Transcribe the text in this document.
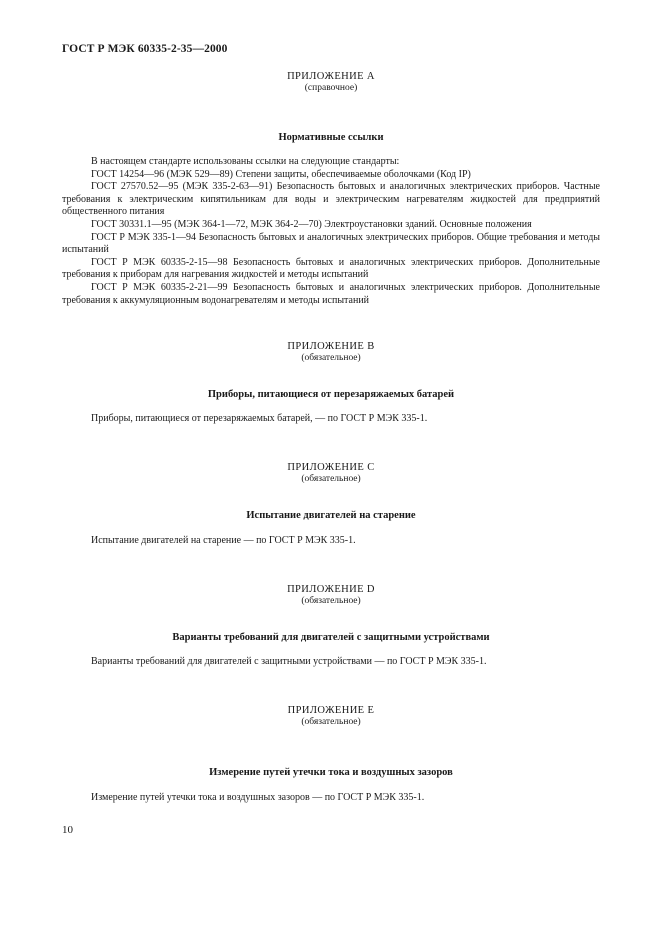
ГОСТ Р МЭК 60335-2-35—2000
ПРИЛОЖЕНИЕ А
(справочное)
Нормативные ссылки

В настоящем стандарте использованы ссылки на следующие стандарты:

ГОСТ 14254—96 (МЭК 529—89) Степени защиты, обеспечиваемые оболочками (Код IP)

ГОСТ 27570.52—95 (МЭК 335-2-63—91) Безопасность бытовых и аналогичных электрических приборов. Частные требования к электрическим кипятильникам для воды и электрическим нагревателям жидкостей для предприятий общественного питания

ГОСТ 30331.1—95 (МЭК 364-1—72, МЭК 364-2—70) Электроустановки зданий. Основные положения

ГОСТ Р МЭК 335-1—94 Безопасность бытовых и аналогичных электрических приборов. Общие требования и методы испытаний

ГОСТ Р МЭК 60335-2-15—98 Безопасность бытовых и аналогичных электрических приборов. Дополнительные требования к приборам для нагревания жидкостей и методы испытаний

ГОСТ Р МЭК 60335-2-21—99 Безопасность бытовых и аналогичных электрических приборов. Дополнительные требования к аккумуляционным водонагревателям и методы испытаний

ПРИЛОЖЕНИЕ В
(обязательное)
Приборы, питающиеся от перезаряжаемых батарей
Приборы, питающиеся от перезаряжаемых батарей, — по ГОСТ Р МЭК 335-1.
ПРИЛОЖЕНИЕ С
(обязательное)
Испытание двигателей на старение
Испытание двигателей на старение — по ГОСТ Р МЭК 335-1.
ПРИЛОЖЕНИЕ D
(обязательное)
Варианты требований для двигателей с защитными устройствами
Варианты требований для двигателей с защитными устройствами — по ГОСТ Р МЭК 335-1.
ПРИЛОЖЕНИЕ E
(обязательное)
Измерение путей утечки тока и воздушных зазоров
Измерение путей утечки тока и воздушных зазоров — по ГОСТ Р МЭК 335-1.
10
